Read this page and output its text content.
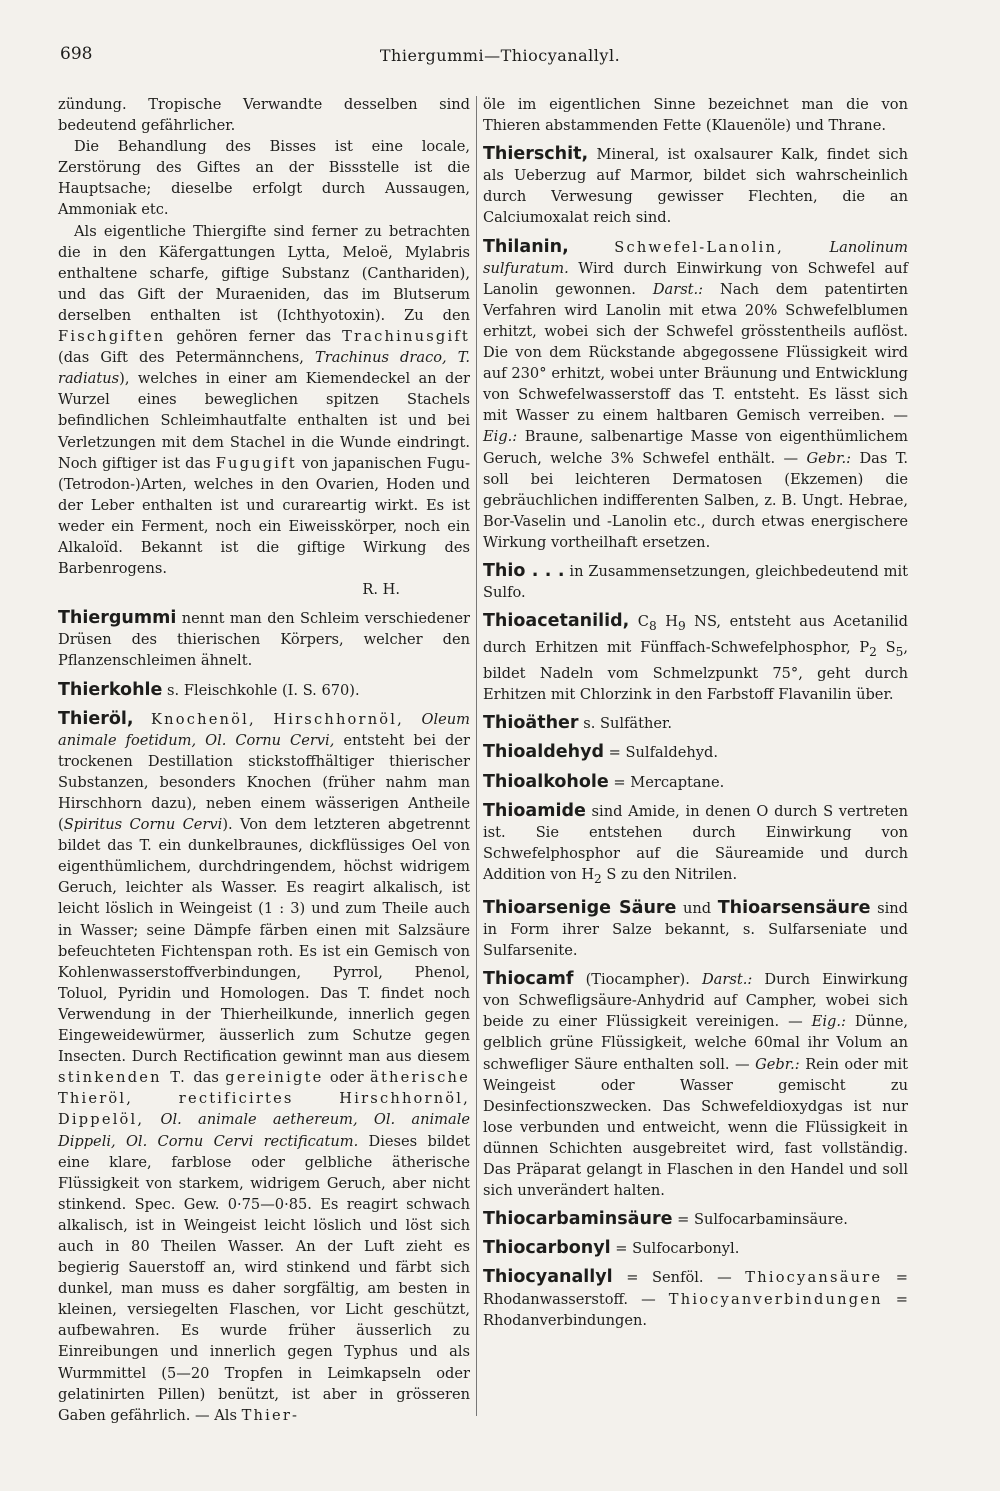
698	Thiergummi—Thiocyanallyl.

zündung. Tropische Verwandte desselben sind bedeutend gefährlicher.

Die Behandlung des Bisses ist eine locale, Zerstörung des Giftes an der Bissstelle ist die Hauptsache; dieselbe erfolgt durch Aussaugen, Ammoniak etc.

Als eigentliche Thiergifte sind ferner zu betrachten die in den Käfergattungen Lytta, Meloë, Mylabris enthaltene scharfe, giftige Substanz (Canthariden), und das Gift der Muraeniden, das im Blutserum derselben enthalten ist (Ichthyotoxin). Zu den Fischgiften gehören ferner das Trachinusgift (das Gift des Petermännchens, Trachinus draco, T. radiatus), welches in einer am Kiemendeckel an der Wurzel eines beweglichen spitzen Stachels befindlichen Schleimhautfalte enthalten ist und bei Verletzungen mit dem Stachel in die Wunde eindringt. Noch giftiger ist das Fugugift von japanischen Fugu-(Tetrodon-)Arten, welches in den Ovarien, Hoden und der Leber enthalten ist und curareartig wirkt. Es ist weder ein Ferment, noch ein Eiweisskörper, noch ein Alkaloïd. Bekannt ist die giftige Wirkung des Barbenrogens.

R. H.

Thiergummi nennt man den Schleim verschiedener Drüsen des thierischen Körpers, welcher den Pflanzenschleimen ähnelt.

Thierkohle s. Fleischkohle (I. S. 670).

Thieröl, Knochenöl, Hirschhornöl, Oleum animale foetidum, Ol. Cornu Cervi, entsteht bei der trockenen Destillation stickstoffhältiger thierischer Substanzen, besonders Knochen (früher nahm man Hirschhorn dazu), neben einem wässerigen Antheile (Spiritus Cornu Cervi). Von dem letzteren abgetrennt bildet das T. ein dunkelbraunes, dickflüssiges Oel von eigenthümlichem, durchdringendem, höchst widrigem Geruch, leichter als Wasser. Es reagirt alkalisch, ist leicht löslich in Weingeist (1 : 3) und zum Theile auch in Wasser; seine Dämpfe färben einen mit Salzsäure befeuchteten Fichtenspan roth. Es ist ein Gemisch von Kohlenwasserstoffverbindungen, Pyrrol, Phenol, Toluol, Pyridin und Homologen. Das T. findet noch Verwendung in der Thierheilkunde, innerlich gegen Eingeweidewürmer, äusserlich zum Schutze gegen Insecten. Durch Rectification gewinnt man aus diesem stinkenden T. das gereinigte oder ätherische Thieröl, rectificirtes Hirschhornöl, Dippelöl, Ol. animale aethereum, Ol. animale Dippeli, Ol. Cornu Cervi rectificatum. Dieses bildet eine klare, farblose oder gelbliche ätherische Flüssigkeit von starkem, widrigem Geruch, aber nicht stinkend. Spec. Gew. 0·75—0·85. Es reagirt schwach alkalisch, ist in Weingeist leicht löslich und löst sich auch in 80 Theilen Wasser. An der Luft zieht es begierig Sauerstoff an, wird stinkend und färbt sich dunkel, man muss es daher sorgfältig, am besten in kleinen, versiegelten Flaschen, vor Licht geschützt, aufbewahren. Es wurde früher äusserlich zu Einreibungen und innerlich gegen Typhus und als Wurmmittel (5—20 Tropfen in Leimkapseln oder gelatinirten Pillen) benützt, ist aber in grösseren Gaben gefährlich. — Als Thier-

öle im eigentlichen Sinne bezeichnet man die von Thieren abstammenden Fette (Klauenöle) und Thrane.

Thierschit, Mineral, ist oxalsaurer Kalk, findet sich als Ueberzug auf Marmor, bildet sich wahrscheinlich durch Verwesung gewisser Flechten, die an Calciumoxalat reich sind.

Thilanin, Schwefel-Lanolin, Lanolinum sulfuratum. Wird durch Einwirkung von Schwefel auf Lanolin gewonnen. Darst.: Nach dem patentirten Verfahren wird Lanolin mit etwa 20% Schwefelblumen erhitzt, wobei sich der Schwefel grösstentheils auflöst. Die von dem Rückstande abgegossene Flüssigkeit wird auf 230° erhitzt, wobei unter Bräunung und Entwicklung von Schwefelwasserstoff das T. entsteht. Es lässt sich mit Wasser zu einem haltbaren Gemisch verreiben. — Eig.: Braune, salbenartige Masse von eigenthümlichem Geruch, welche 3% Schwefel enthält. — Gebr.: Das T. soll bei leichteren Dermatosen (Ekzemen) die gebräuchlichen indifferenten Salben, z. B. Ungt. Hebrae, Bor-Vaselin und -Lanolin etc., durch etwas energischere Wirkung vortheilhaft ersetzen.

Thio . . . in Zusammensetzungen, gleichbedeutend mit Sulfo.

Thioacetanilid, $C_8$ $H_9$ NS, entsteht aus Acetanilid durch Erhitzen mit Fünffach-Schwefelphosphor, $P_2$ $S_5$, bildet Nadeln vom Schmelzpunkt 75°, geht durch Erhitzen mit Chlorzink in den Farbstoff Flavanilin über.

Thioäther s. Sulfäther.

Thioaldehyd = Sulfaldehyd.

Thioalkohole = Mercaptane.

Thioamide sind Amide, in denen O durch S vertreten ist. Sie entstehen durch Einwirkung von Schwefelphosphor auf die Säureamide und durch Addition von $H_2$ S zu den Nitrilen.

Thioarsenige Säure und Thioarsensäure sind in Form ihrer Salze bekannt, s. Sulfarseniate und Sulfarsenite.

Thiocamf (Tiocampher). Darst.: Durch Einwirkung von Schwefligsäure-Anhydrid auf Campher, wobei sich beide zu einer Flüssigkeit vereinigen. — Eig.: Dünne, gelblich grüne Flüssigkeit, welche 60mal ihr Volum an schwefliger Säure enthalten soll. — Gebr.: Rein oder mit Weingeist oder Wasser gemischt zu Desinfectionszwecken. Das Schwefeldioxydgas ist nur lose verbunden und entweicht, wenn die Flüssigkeit in dünnen Schichten ausgebreitet wird, fast vollständig. Das Präparat gelangt in Flaschen in den Handel und soll sich unverändert halten.

Thiocarbaminsäure = Sulfocarbaminsäure.

Thiocarbonyl = Sulfocarbonyl.

Thiocyanallyl = Senföl. — Thiocyansäure = Rhodanwasserstoff. — Thiocyanverbindungen = Rhodanverbindungen.
